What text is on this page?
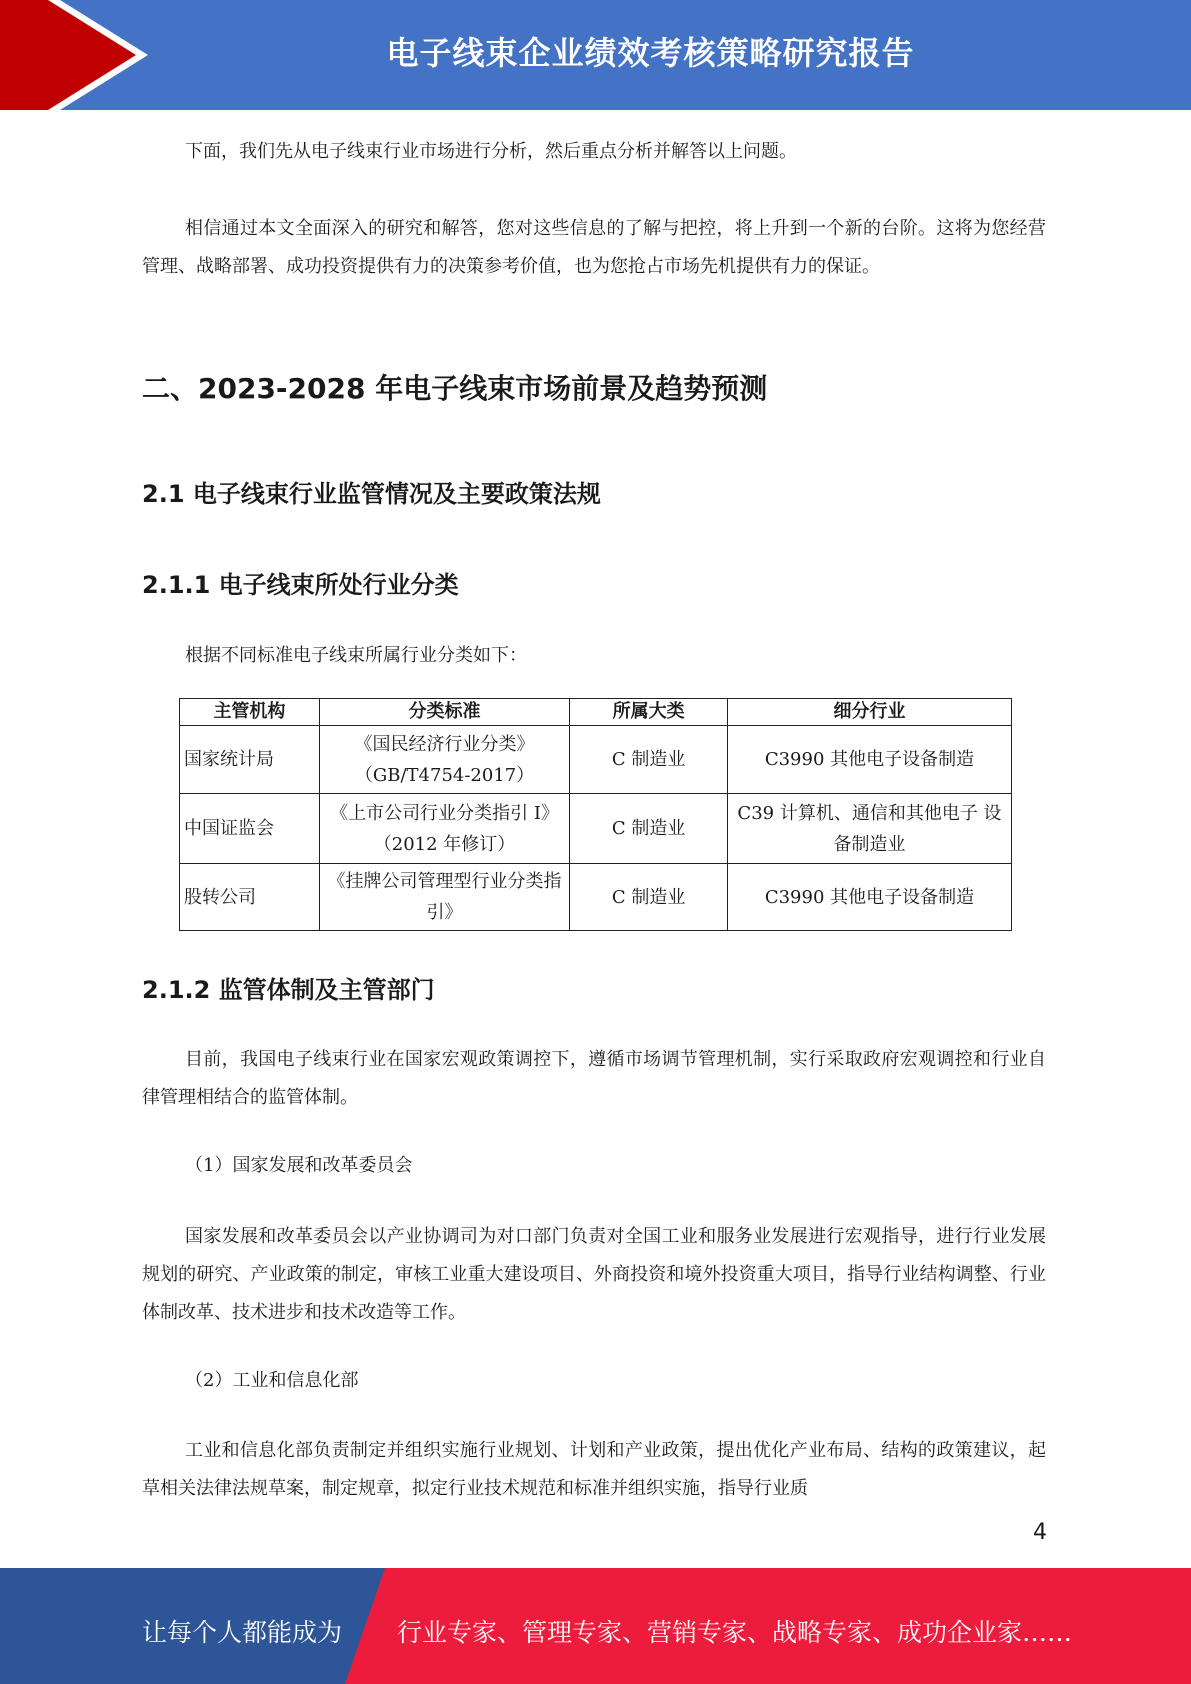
电子线束企业绩效考核策略研究报告

下面，我们先从电子线束行业市场进行分析，然后重点分析并解答以上问题。

相信通过本文全面深入的研究和解答，您对这些信息的了解与把控，将上升到一个新的台阶。这将为您经营管理、战略部署、成功投资提供有力的决策参考价值，也为您抢占市场先机提供有力的保证。

二、2023-2028 年电子线束市场前景及趋势预测
2.1 电子线束行业监管情况及主要政策法规
2.1.1 电子线束所处行业分类

根据不同标准电子线束所属行业分类如下：

主管机构	分类标准	所属大类	细分行业
国家统计局	《国民经济行业分类》（GB/T4754-2017）	C 制造业	C3990 其他电子设备制造
中国证监会	《上市公司行业分类指引 I》（2012 年修订）	C 制造业	C39 计算机、通信和其他电子 设备制造业
股转公司	《挂牌公司管理型行业分类指引》	C 制造业	C3990 其他电子设备制造
2.1.2 监管体制及主管部门

目前，我国电子线束行业在国家宏观政策调控下，遵循市场调节管理机制，实行采取政府宏观调控和行业自律管理相结合的监管体制。

（1）国家发展和改革委员会

国家发展和改革委员会以产业协调司为对口部门负责对全国工业和服务业发展进行宏观指导，进行行业发展规划的研究、产业政策的制定，审核工业重大建设项目、外商投资和境外投资重大项目，指导行业结构调整、行业体制改革、技术进步和技术改造等工作。

（2）工业和信息化部

工业和信息化部负责制定并组织实施行业规划、计划和产业政策，提出优化产业布局、结构的政策建议，起草相关法律法规草案，制定规章，拟定行业技术规范和标准并组织实施，指导行业质

4
让每个人都能成为 行业专家、管理专家、营销专家、战略专家、成功企业家……
